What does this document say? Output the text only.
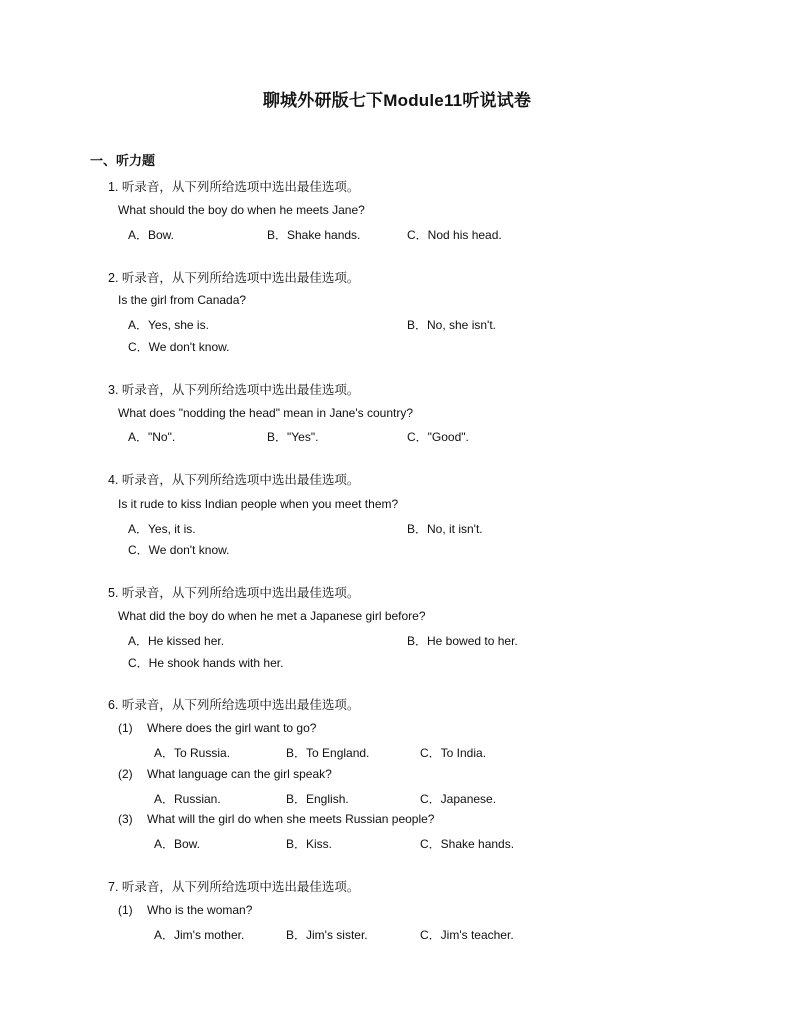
聊城外研版七下Module11听说试卷
一、听力题
1. 听录音，从下列所给选项中选出最佳选项。
What should the boy do when he meets Jane?
A．Bow.	B．Shake hands.	C．Nod his head.
2. 听录音，从下列所给选项中选出最佳选项。
Is the girl from Canada?
A．Yes, she is.	B．No, she isn't.
C．We don't know.
3. 听录音，从下列所给选项中选出最佳选项。
What does "nodding the head" mean in Jane's country?
A．"No".	B．"Yes".	C．"Good".
4. 听录音，从下列所给选项中选出最佳选项。
Is it rude to kiss Indian people when you meet them?
A．Yes, it is.	B．No, it isn't.
C．We don't know.
5. 听录音，从下列所给选项中选出最佳选项。
What did the boy do when he met a Japanese girl before?
A．He kissed her.	B．He bowed to her.
C．He shook hands with her.
6. 听录音，从下列所给选项中选出最佳选项。
(1) Where does the girl want to go?
A．To Russia.	B．To England.	C．To India.
(2) What language can the girl speak?
A．Russian.	B．English.	C．Japanese.
(3) What will the girl do when she meets Russian people?
A．Bow.	B．Kiss.	C．Shake hands.
7. 听录音，从下列所给选项中选出最佳选项。
(1) Who is the woman?
A．Jim's mother.	B．Jim's sister.	C．Jim's teacher.
